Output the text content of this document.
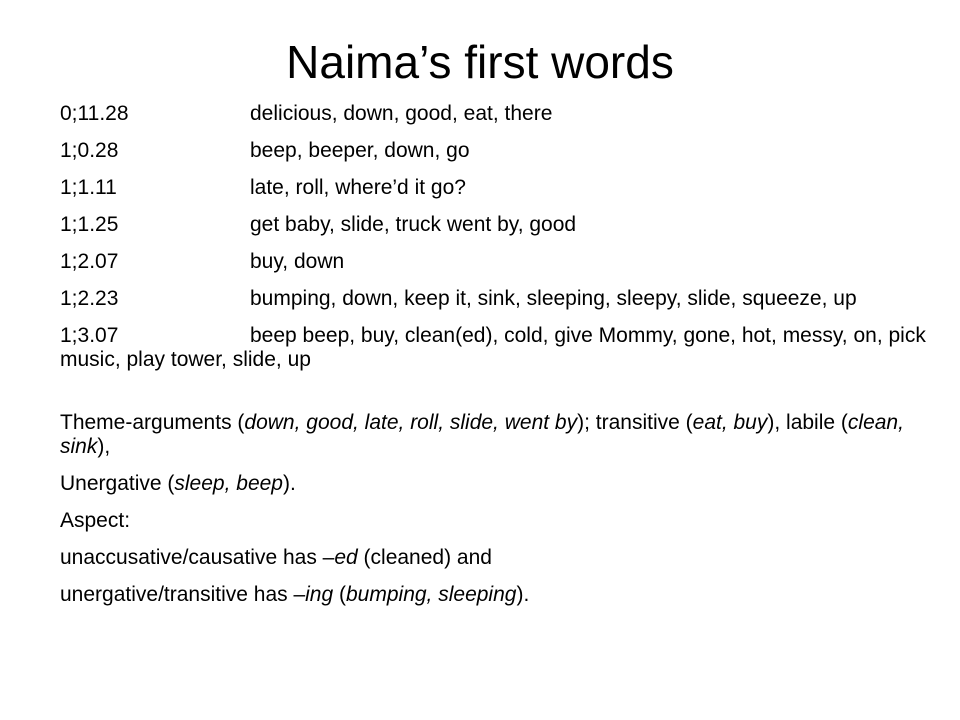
Naima’s first words
0;11.28	delicious, down, good, eat, there
1;0.28	beep, beeper, down, go
1;1.11	late, roll, where’d it go?
1;1.25	get baby, slide, truck went by, good
1;2.07	buy, down
1;2.23	bumping, down, keep it, sink, sleeping, sleepy, slide, squeeze, up
1;3.07	beep beep, buy, clean(ed), cold, give Mommy, gone, hot, messy, on, pick music, play tower, slide, up
Theme-arguments (down, good, late, roll, slide, went by); transitive (eat, buy), labile (clean, sink),
Unergative (sleep, beep).
Aspect:
unaccusative/causative has –ed (cleaned) and
unergative/transitive has –ing (bumping, sleeping).
